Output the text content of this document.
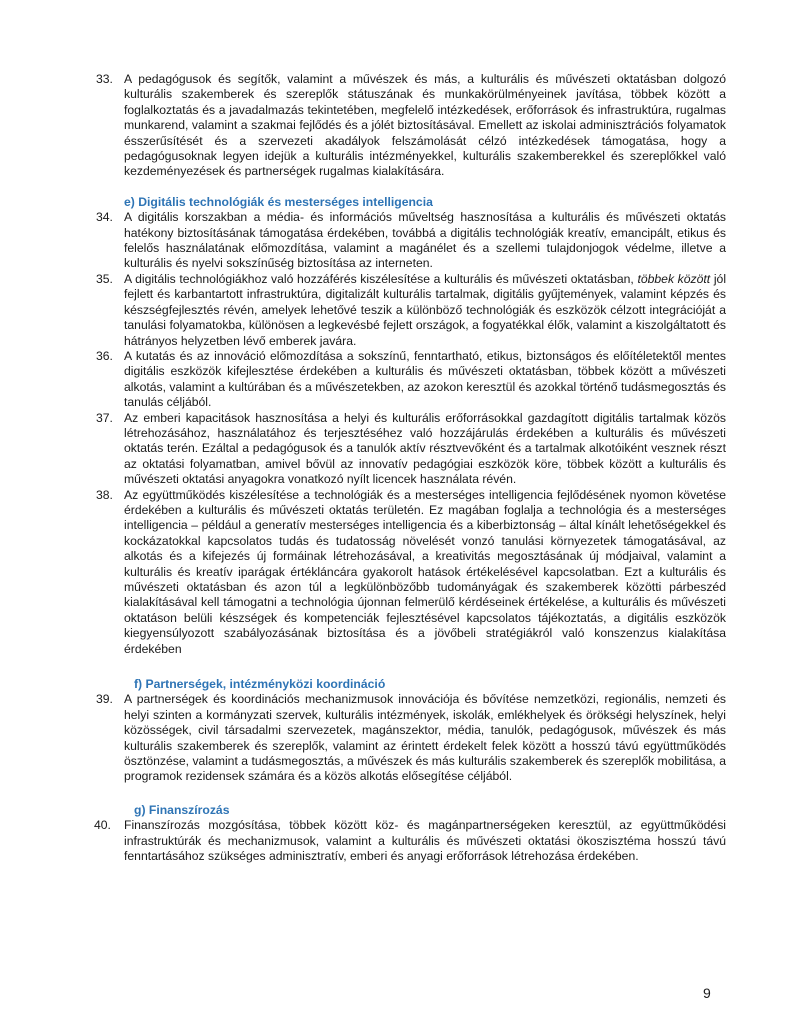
33. A pedagógusok és segítők, valamint a művészek és más, a kulturális és művészeti oktatásban dolgozó kulturális szakemberek és szereplők státuszának és munkakörülményeinek javítása, többek között a foglalkoztatás és a javadalmazás tekintetében, megfelelő intézkedések, erőforrások és infrastruktúra, rugalmas munkarend, valamint a szakmai fejlődés és a jólét biztosításával. Emellett az iskolai adminisztrációs folyamatok ésszerűsítését és a szervezeti akadályok felszámolását célzó intézkedések támogatása, hogy a pedagógusoknak legyen idejük a kulturális intézményekkel, kulturális szakemberekkel és szereplőkkel való kezdeményezések és partnerségek rugalmas kialakítására.
e) Digitális technológiák és mesterséges intelligencia
34. A digitális korszakban a média- és információs műveltség hasznosítása a kulturális és művészeti oktatás hatékony biztosításának támogatása érdekében, továbbá a digitális technológiák kreatív, emancipált, etikus és felelős használatának előmozdítása, valamint a magánélet és a szellemi tulajdonjogok védelme, illetve a kulturális és nyelvi sokszínűség biztosítása az interneten.
35. A digitális technológiákhoz való hozzáférés kiszélesítése a kulturális és művészeti oktatásban, többek között jól fejlett és karbantartott infrastruktúra, digitalizált kulturális tartalmak, digitális gyűjtemények, valamint képzés és készségfejlesztés révén, amelyek lehetővé teszik a különböző technológiák és eszközök célzott integrációját a tanulási folyamatokba, különösen a legkevésbé fejlett országok, a fogyatékkal élők, valamint a kiszolgáltatott és hátrányos helyzetben lévő emberek javára.
36. A kutatás és az innováció előmozdítása a sokszínű, fenntartható, etikus, biztonságos és előítéletektől mentes digitális eszközök kifejlesztése érdekében a kulturális és művészeti oktatásban, többek között a művészeti alkotás, valamint a kultúrában és a művészetekben, az azokon keresztül és azokkal történő tudásmegosztás és tanulás céljából.
37. Az emberi kapacitások hasznosítása a helyi és kulturális erőforrásokkal gazdagított digitális tartalmak közös létrehozásához, használatához és terjesztéséhez való hozzájárulás érdekében a kulturális és művészeti oktatás terén. Ezáltal a pedagógusok és a tanulók aktív résztvevőként és a tartalmak alkotóiként vesznek részt az oktatási folyamatban, amivel bővül az innovatív pedagógiai eszközök köre, többek között a kulturális és művészeti oktatási anyagokra vonatkozó nyílt licencek használata révén.
38. Az együttműködés kiszélesítése a technológiák és a mesterséges intelligencia fejlődésének nyomon követése érdekében a kulturális és művészeti oktatás területén. Ez magában foglalja a technológia és a mesterséges intelligencia – például a generatív mesterséges intelligencia és a kiberbiztonság – által kínált lehetőségekkel és kockázatokkal kapcsolatos tudás és tudatosság növelését vonzó tanulási környezetek támogatásával, az alkotás és a kifejezés új formáinak létrehozásával, a kreativitás megosztásának új módjaival, valamint a kulturális és kreatív iparágak értékláncára gyakorolt hatások értékelésével kapcsolatban. Ezt a kulturális és művészeti oktatásban és azon túl a legkülönbözőbb tudományágak és szakemberek közötti párbeszéd kialakításával kell támogatni a technológia újonnan felmerülő kérdéseinek értékelése, a kulturális és művészeti oktatáson belüli készségek és kompetenciák fejlesztésével kapcsolatos tájékoztatás, a digitális eszközök kiegyensúlyozott szabályozásának biztosítása és a jövőbeli stratégiákról való konszenzus kialakítása érdekében
f) Partnerségek, intézményközi koordináció
39. A partnerségek és koordinációs mechanizmusok innovációja és bővítése nemzetközi, regionális, nemzeti és helyi szinten a kormányzati szervek, kulturális intézmények, iskolák, emlékhelyek és örökségi helyszínek, helyi közösségek, civil társadalmi szervezetek, magánszektor, média, tanulók, pedagógusok, művészek és más kulturális szakemberek és szereplők, valamint az érintett érdekelt felek között a hosszú távú együttműködés ösztönzése, valamint a tudásmegosztás, a művészek és más kulturális szakemberek és szereplők mobilitása, a programok rezidensek számára és a közös alkotás elősegítése céljából.
g) Finanszírozás
40.	Finanszírozás mozgósítása, többek között köz- és magánpartnerségeken keresztül, az együttműködési infrastruktúrák és mechanizmusok, valamint a kulturális és művészeti oktatási ökoszisztéma hosszú távú fenntartásához szükséges adminisztratív, emberi és anyagi erőforrások létrehozása érdekében.
9
